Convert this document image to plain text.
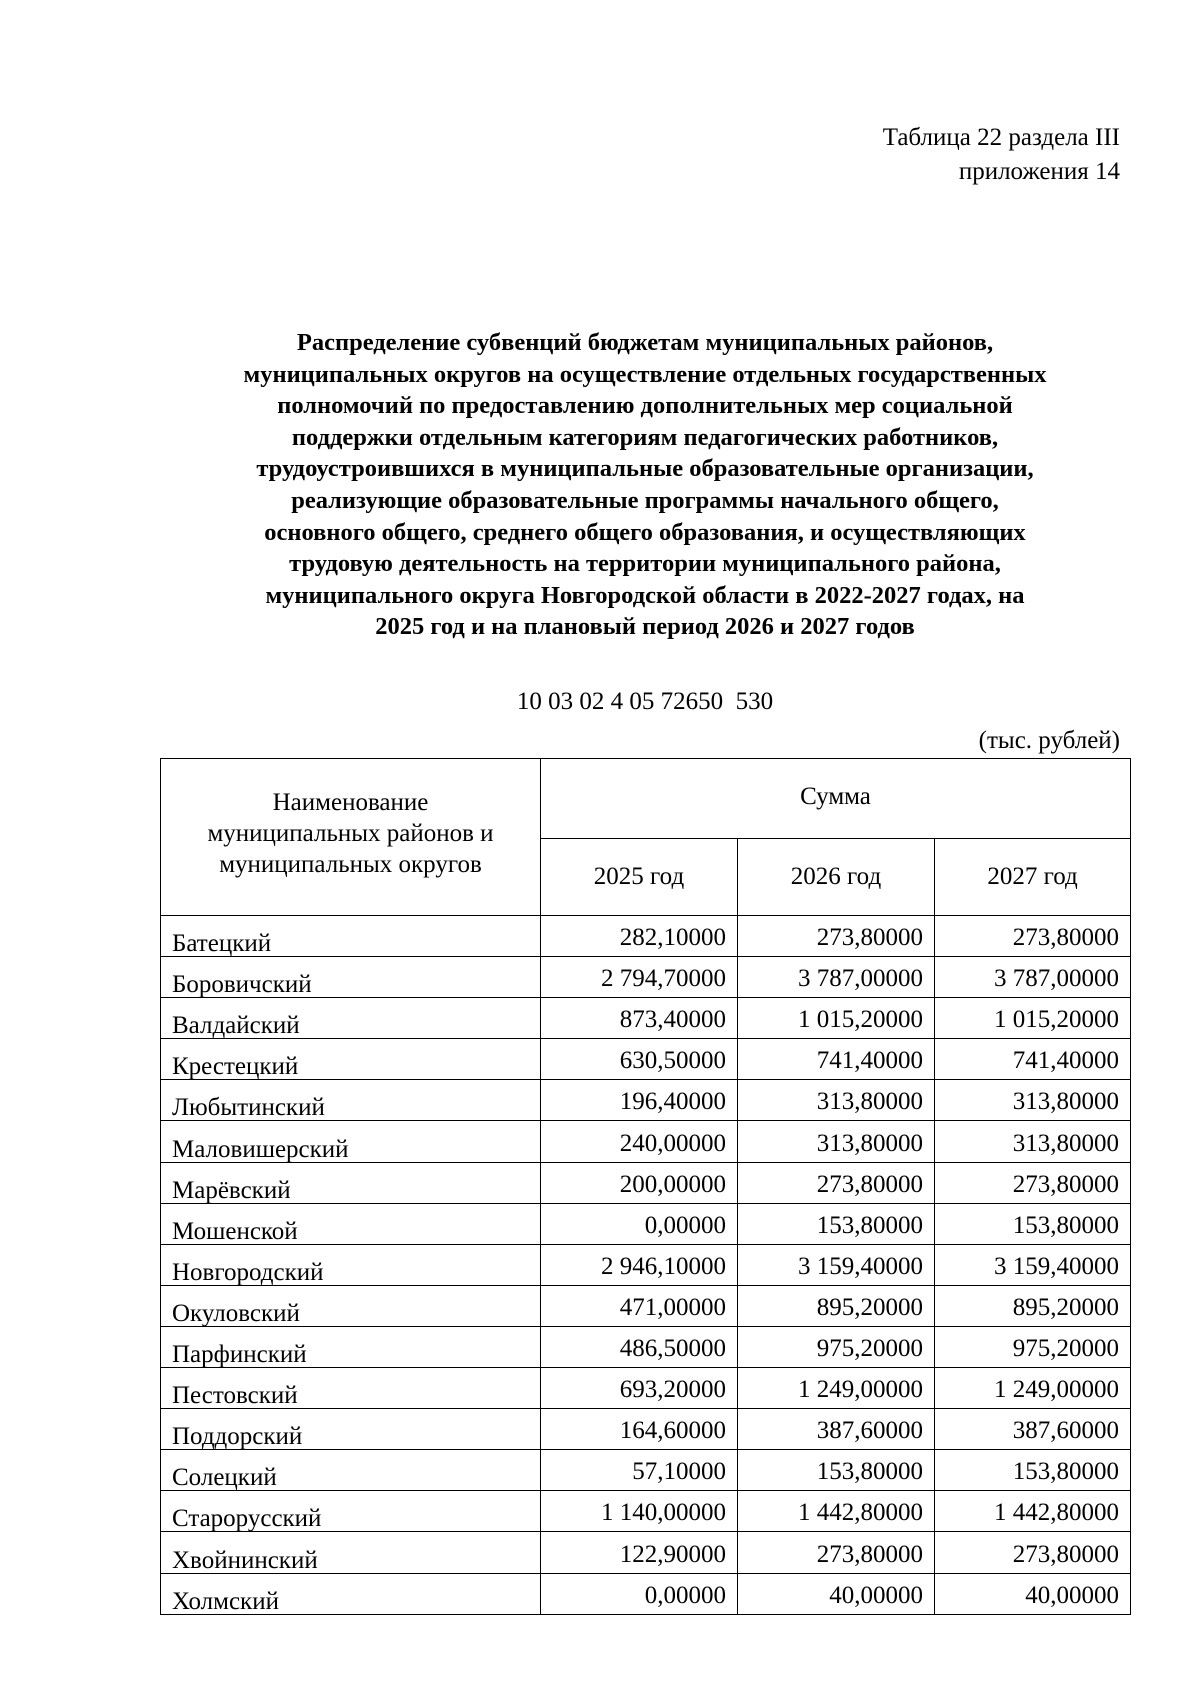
Таблица 22 раздела III
приложения 14
Распределение субвенций бюджетам муниципальных районов,
муниципальных округов на осуществление отдельных государственных
полномочий по предоставлению дополнительных мер социальной
поддержки отдельным категориям педагогических работников,
трудоустроившихся в муниципальные образовательные организации,
реализующие образовательные программы начального общего,
основного общего, среднего общего образования, и осуществляющих
трудовую деятельность на территории муниципального района,
муниципального округа Новгородской области в 2022-2027 годах, на
2025 год и на плановый период 2026 и 2027 годов
10 03 02 4 05 72650  530
(тыс. рублей)
Наименование
муниципальных районов и
муниципальных округов	Сумма		
	2025 год	2026 год	2027 год
Батецкий	282,10000	273,80000	273,80000
Боровичский	2 794,70000	3 787,00000	3 787,00000
Валдайский	873,40000	1 015,20000	1 015,20000
Крестецкий	630,50000	741,40000	741,40000
Любытинский	196,40000	313,80000	313,80000
Маловишерский	240,00000	313,80000	313,80000
Марёвский	200,00000	273,80000	273,80000
Мошенской	0,00000	153,80000	153,80000
Новгородский	2 946,10000	3 159,40000	3 159,40000
Окуловский	471,00000	895,20000	895,20000
Парфинский	486,50000	975,20000	975,20000
Пестовский	693,20000	1 249,00000	1 249,00000
Поддорский	164,60000	387,60000	387,60000
Солецкий	57,10000	153,80000	153,80000
Старорусский	1 140,00000	1 442,80000	1 442,80000
Хвойнинский	122,90000	273,80000	273,80000
Холмский	0,00000	40,00000	40,00000
